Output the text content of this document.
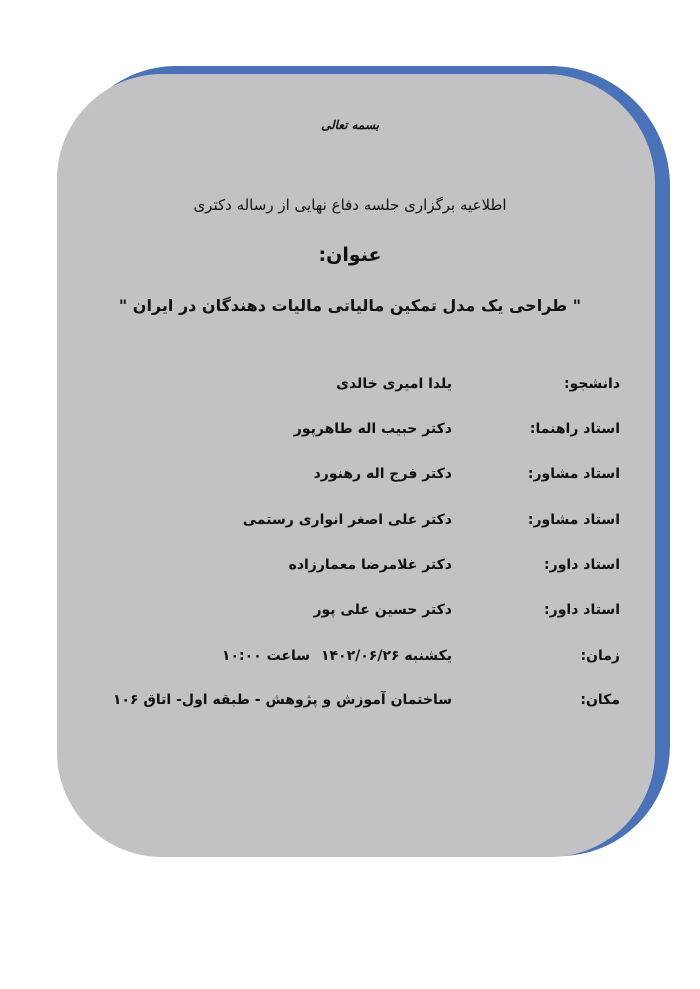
بسمه تعالی
اطلاعیه برگزاری جلسه دفاع نهایی از رساله دکتری
عنوان:
" طراحی یک مدل تمکین مالیاتی مالیات دهندگان در ایران "
دانشجو:
یلدا امیری خالدی
استاد راهنما:
دکتر حبیب اله طاهرپور
استاد مشاور:
دکتر فرج اله رهنورد
استاد مشاور:
دکتر علی اصغر انواری رستمی
استاد داور:
دکتر غلامرضا معمارزاده
استاد داور:
دکتر حسین علی پور
زمان:
یکشنبه ۱۴۰۲/۰۶/۲۶
ساعت ۱۰:۰۰
مکان:
ساختمان آموزش و پژوهش - طبقه اول- اتاق ۱۰۶
